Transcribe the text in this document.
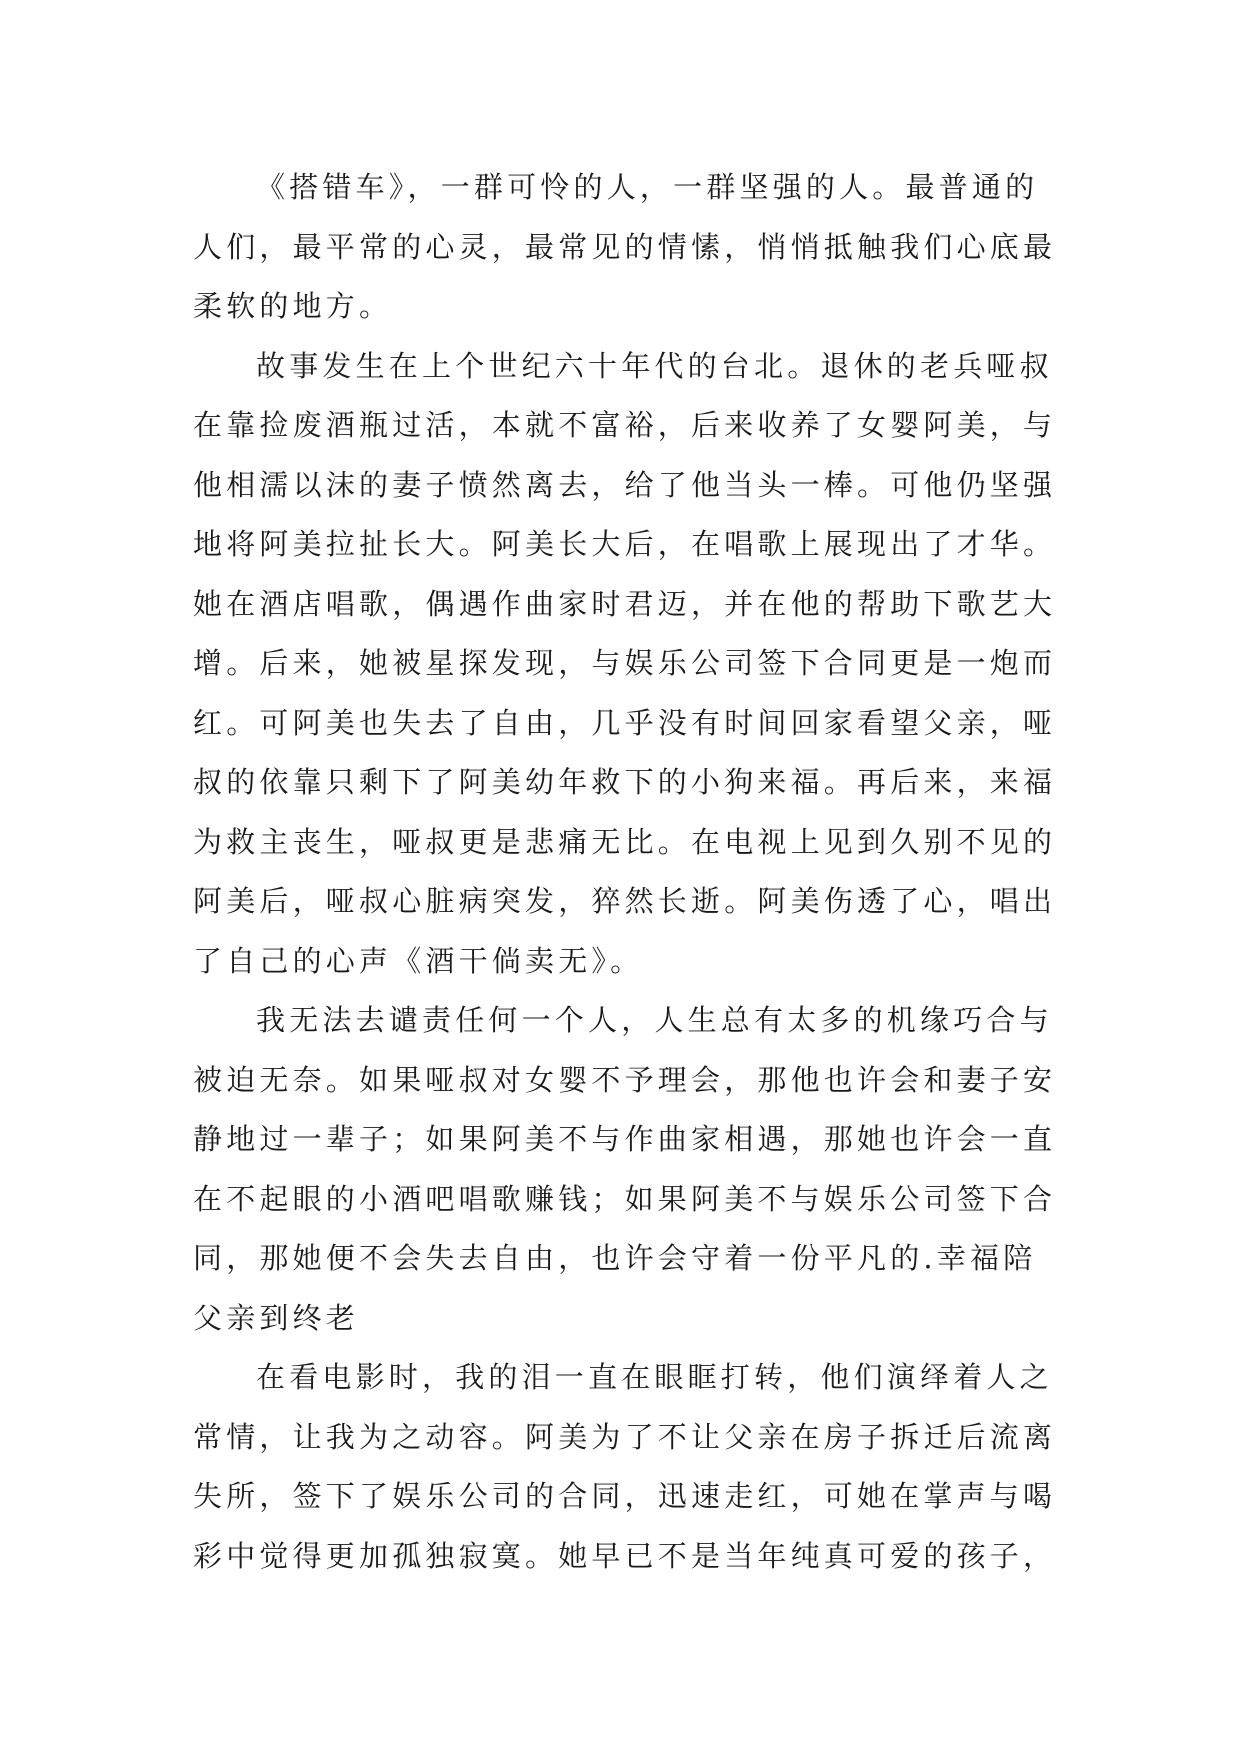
《搭错车》，一群可怜的人，一群坚强的人。最普通的
人们，最平常的心灵，最常见的情愫，悄悄抵触我们心底最
柔软的地方。
故事发生在上个世纪六十年代的台北。退休的老兵哑叔
在靠捡废酒瓶过活，本就不富裕，后来收养了女婴阿美，与
他相濡以沫的妻子愤然离去，给了他当头一棒。可他仍坚强
地将阿美拉扯长大。阿美长大后，在唱歌上展现出了才华。
她在酒店唱歌，偶遇作曲家时君迈，并在他的帮助下歌艺大
增。后来，她被星探发现，与娱乐公司签下合同更是一炮而
红。可阿美也失去了自由，几乎没有时间回家看望父亲，哑
叔的依靠只剩下了阿美幼年救下的小狗来福。再后来，来福
为救主丧生，哑叔更是悲痛无比。在电视上见到久别不见的
阿美后，哑叔心脏病突发，猝然长逝。阿美伤透了心，唱出
了自己的心声《酒干倘卖无》。
我无法去谴责任何一个人，人生总有太多的机缘巧合与
被迫无奈。如果哑叔对女婴不予理会，那他也许会和妻子安
静地过一辈子；如果阿美不与作曲家相遇，那她也许会一直
在不起眼的小酒吧唱歌赚钱；如果阿美不与娱乐公司签下合
同，那她便不会失去自由，也许会守着一份平凡的.幸福陪
父亲到终老
在看电影时，我的泪一直在眼眶打转，他们演绎着人之
常情，让我为之动容。阿美为了不让父亲在房子拆迁后流离
失所，签下了娱乐公司的合同，迅速走红，可她在掌声与喝
彩中觉得更加孤独寂寞。她早已不是当年纯真可爱的孩子，
